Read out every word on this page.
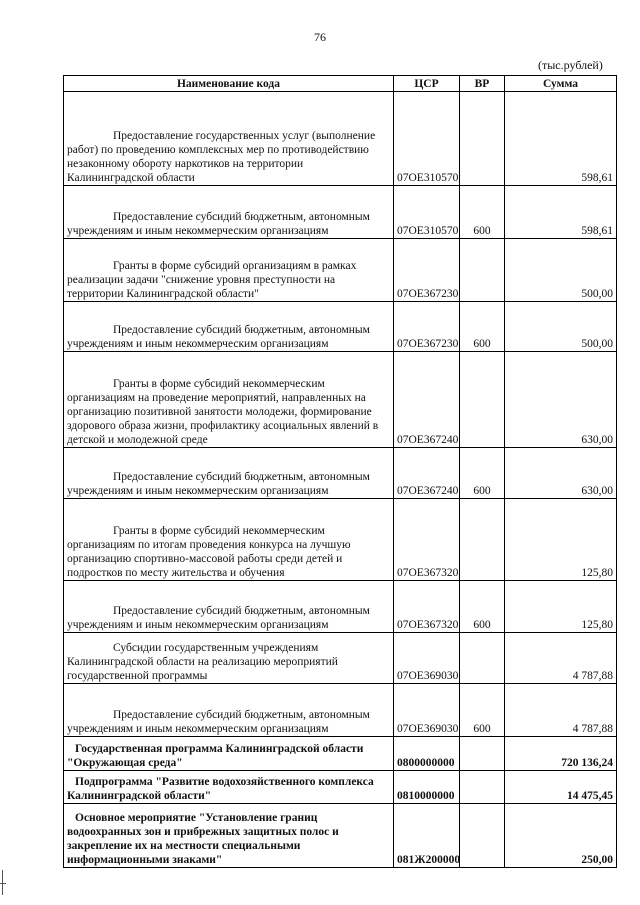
76
(тыс.рублей)
Наименование кода	ЦСР	ВР	Сумма
Предоставление государственных услуг (выполнение работ) по проведению комплексных мер по противодействию незаконному обороту наркотиков на территории Калининградской области	07ОЕ310570		598,61
Предоставление субсидий бюджетным, автономным учреждениям и иным некоммерческим организациям	07ОЕ310570	600	598,61
Гранты в форме субсидий организациям в рамках реализации задачи "снижение уровня преступности на территории Калининградской области"	07ОЕ367230		500,00
Предоставление субсидий бюджетным, автономным учреждениям и иным некоммерческим организациям	07ОЕ367230	600	500,00
Гранты в форме субсидий некоммерческим организациям на проведение мероприятий, направленных на организацию позитивной занятости молодежи, формирование здорового образа жизни, профилактику асоциальных явлений в детской и молодежной среде	07ОЕ367240		630,00
Предоставление субсидий бюджетным, автономным учреждениям и иным некоммерческим организациям	07ОЕ367240	600	630,00
Гранты в форме субсидий некоммерческим организациям по итогам проведения конкурса на лучшую организацию спортивно-массовой работы среди детей и подростков по месту жительства и обучения	07ОЕ367320		125,80
Предоставление субсидий бюджетным, автономным учреждениям и иным некоммерческим организациям	07ОЕ367320	600	125,80
Субсидии государственным учреждениям Калининградской области на реализацию мероприятий государственной программы	07ОЕ369030		4 787,88
Предоставление субсидий бюджетным, автономным учреждениям и иным некоммерческим организациям	07ОЕ369030	600	4 787,88
Государственная программа Калининградской области "Окружающая среда"	0800000000		720 136,24
Подпрограмма "Развитие водохозяйственного комплекса Калининградской области"	0810000000		14 475,45
Основное мероприятие "Установление границ водоохранных зон и прибрежных защитных полос и закрепление их на местности специальными информационными знаками"	081Ж200000		250,00
